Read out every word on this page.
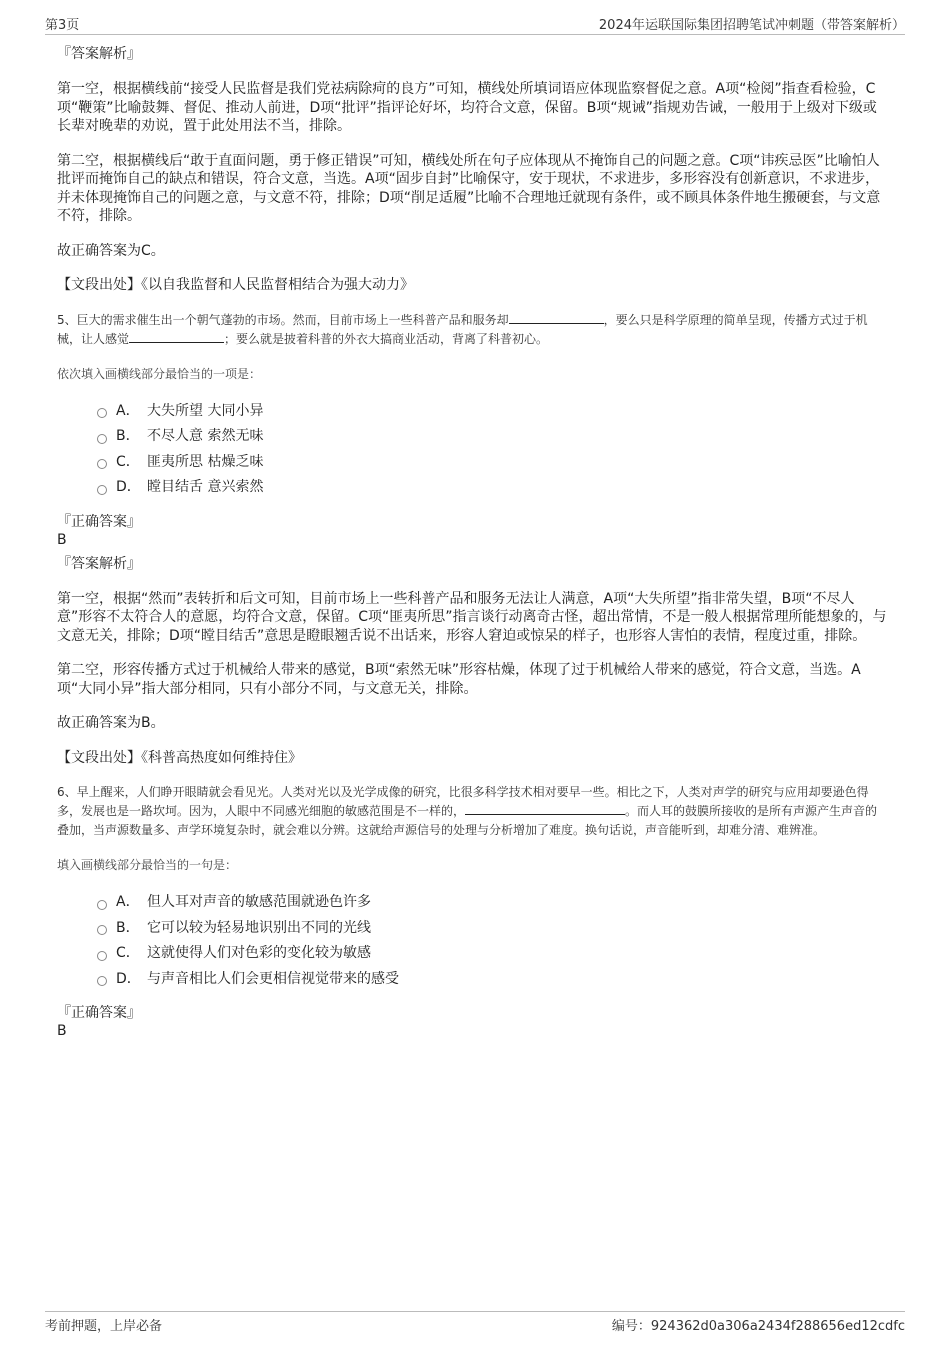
第3页	2024年运联国际集团招聘笔试冲刺题（带答案解析）
『答案解析』

第一空，根据横线前“接受人民监督是我们党祛病除疴的良方”可知，横线处所填词语应体现监察督促之意。A项“检阅”指查看检验，C项“鞭策”比喻鼓舞、督促、推动人前进，D项“批评”指评论好坏，均符合文意，保留。B项“规诫”指规劝告诫，一般用于上级对下级或长辈对晚辈的劝说，置于此处用法不当，排除。

第二空，根据横线后“敢于直面问题，勇于修正错误”可知，横线处所在句子应体现从不掩饰自己的问题之意。C项“讳疾忌医”比喻怕人批评而掩饰自己的缺点和错误，符合文意，当选。A项“固步自封”比喻保守，安于现状，不求进步，多形容没有创新意识，不求进步，并未体现掩饰自己的问题之意，与文意不符，排除；D项“削足适履”比喻不合理地迁就现有条件，或不顾具体条件地生搬硬套，与文意不符，排除。

故正确答案为C。

【文段出处】《以自我监督和人民监督相结合为强大动力》

5、巨大的需求催生出一个朝气蓬勃的市场。然而，目前市场上一些科普产品和服务却	，要么只是科学原理的简单呈现，传播方式过于机械，让人感觉	；要么就是披着科普的外衣大搞商业活动，背离了科普初心。
依次填入画横线部分最恰当的一项是：
A． 大失所望 大同小异
B． 不尽人意 索然无味
C． 匪夷所思 枯燥乏味
D． 瞠目结舌 意兴索然
『正确答案』
B
『答案解析』

第一空，根据“然而”表转折和后文可知，目前市场上一些科普产品和服务无法让人满意，A项“大失所望”指非常失望，B项“不尽人意”形容不太符合人的意愿，均符合文意，保留。C项“匪夷所思”指言谈行动离奇古怪，超出常情，不是一般人根据常理所能想象的，与文意无关，排除；D项“瞠目结舌”意思是瞪眼翘舌说不出话来，形容人窘迫或惊呆的样子，也形容人害怕的表情，程度过重，排除。

第二空，形容传播方式过于机械给人带来的感觉，B项“索然无味”形容枯燥，体现了过于机械给人带来的感觉，符合文意，当选。A项“大同小异”指大部分相同，只有小部分不同，与文意无关，排除。

故正确答案为B。

【文段出处】《科普高热度如何维持住》

6、早上醒来，人们睁开眼睛就会看见光。人类对光以及光学成像的研究，比很多科学技术相对要早一些。相比之下，人类对声学的研究与应用却要逊色得多，发展也是一路坎坷。因为，人眼中不同感光细胞的敏感范围是不一样的，	。而人耳的鼓膜所接收的是所有声源产生声音的叠加，当声源数量多、声学环境复杂时，就会难以分辨。这就给声源信号的处理与分析增加了难度。换句话说，声音能听到，却难分清、难辨准。
填入画横线部分最恰当的一句是：
A． 但人耳对声音的敏感范围就逊色许多
B． 它可以较为轻易地识别出不同的光线
C． 这就使得人们对色彩的变化较为敏感
D． 与声音相比人们会更相信视觉带来的感受
『正确答案』
B
考前押题，上岸必备	编号：924362d0a306a2434f288656ed12cdfc
